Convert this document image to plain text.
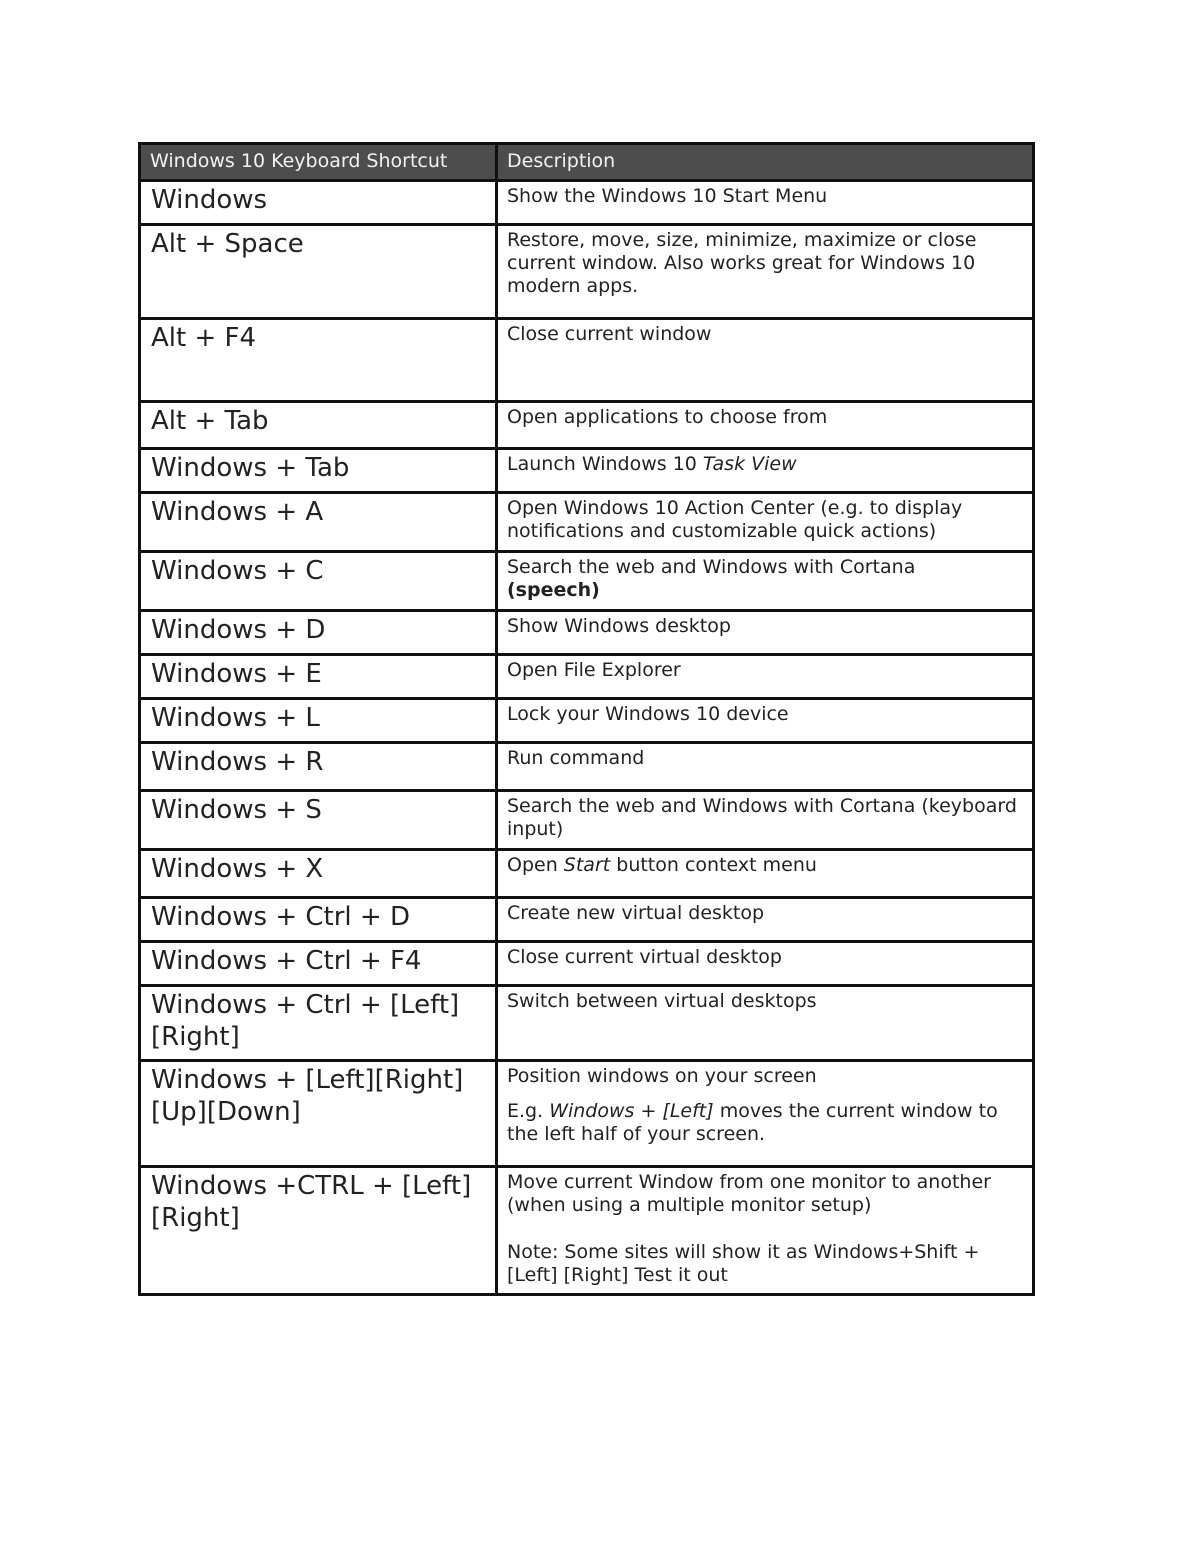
Windows 10 Keyboard Shortcut	Description
Windows	Show the Windows 10 Start Menu

Alt + Space	Restore, move, size, minimize, maximize or close current window. Also works great for Windows 10 modern apps.

Alt + F4	Close current window

Alt + Tab	Open applications to choose from

Windows + Tab	Launch Windows 10 Task View

Windows + A	Open Windows 10 Action Center (e.g. to display notifications and customizable quick actions)

Windows + C	Search the web and Windows with Cortana
(speech)

Windows + D	Show Windows desktop

Windows + E	Open File Explorer

Windows + L	Lock your Windows 10 device

Windows + R	Run command

Windows + S	Search the web and Windows with Cortana (keyboard input)

Windows + X	Open Start button context menu

Windows + Ctrl + D	Create new virtual desktop

Windows + Ctrl + F4	Close current virtual desktop

Windows + Ctrl + [Left][Right]	Switch between virtual desktops

Windows + [Left][Right][Up][Down]	Position windows on your screen

E.g. Windows + [Left] moves the current window to the left half of your screen.

Windows +CTRL + [Left][Right]	Move current Window from one monitor to another (when using a multiple monitor setup)

Note: Some sites will show it as Windows+Shift + [Left] [Right] Test it out
